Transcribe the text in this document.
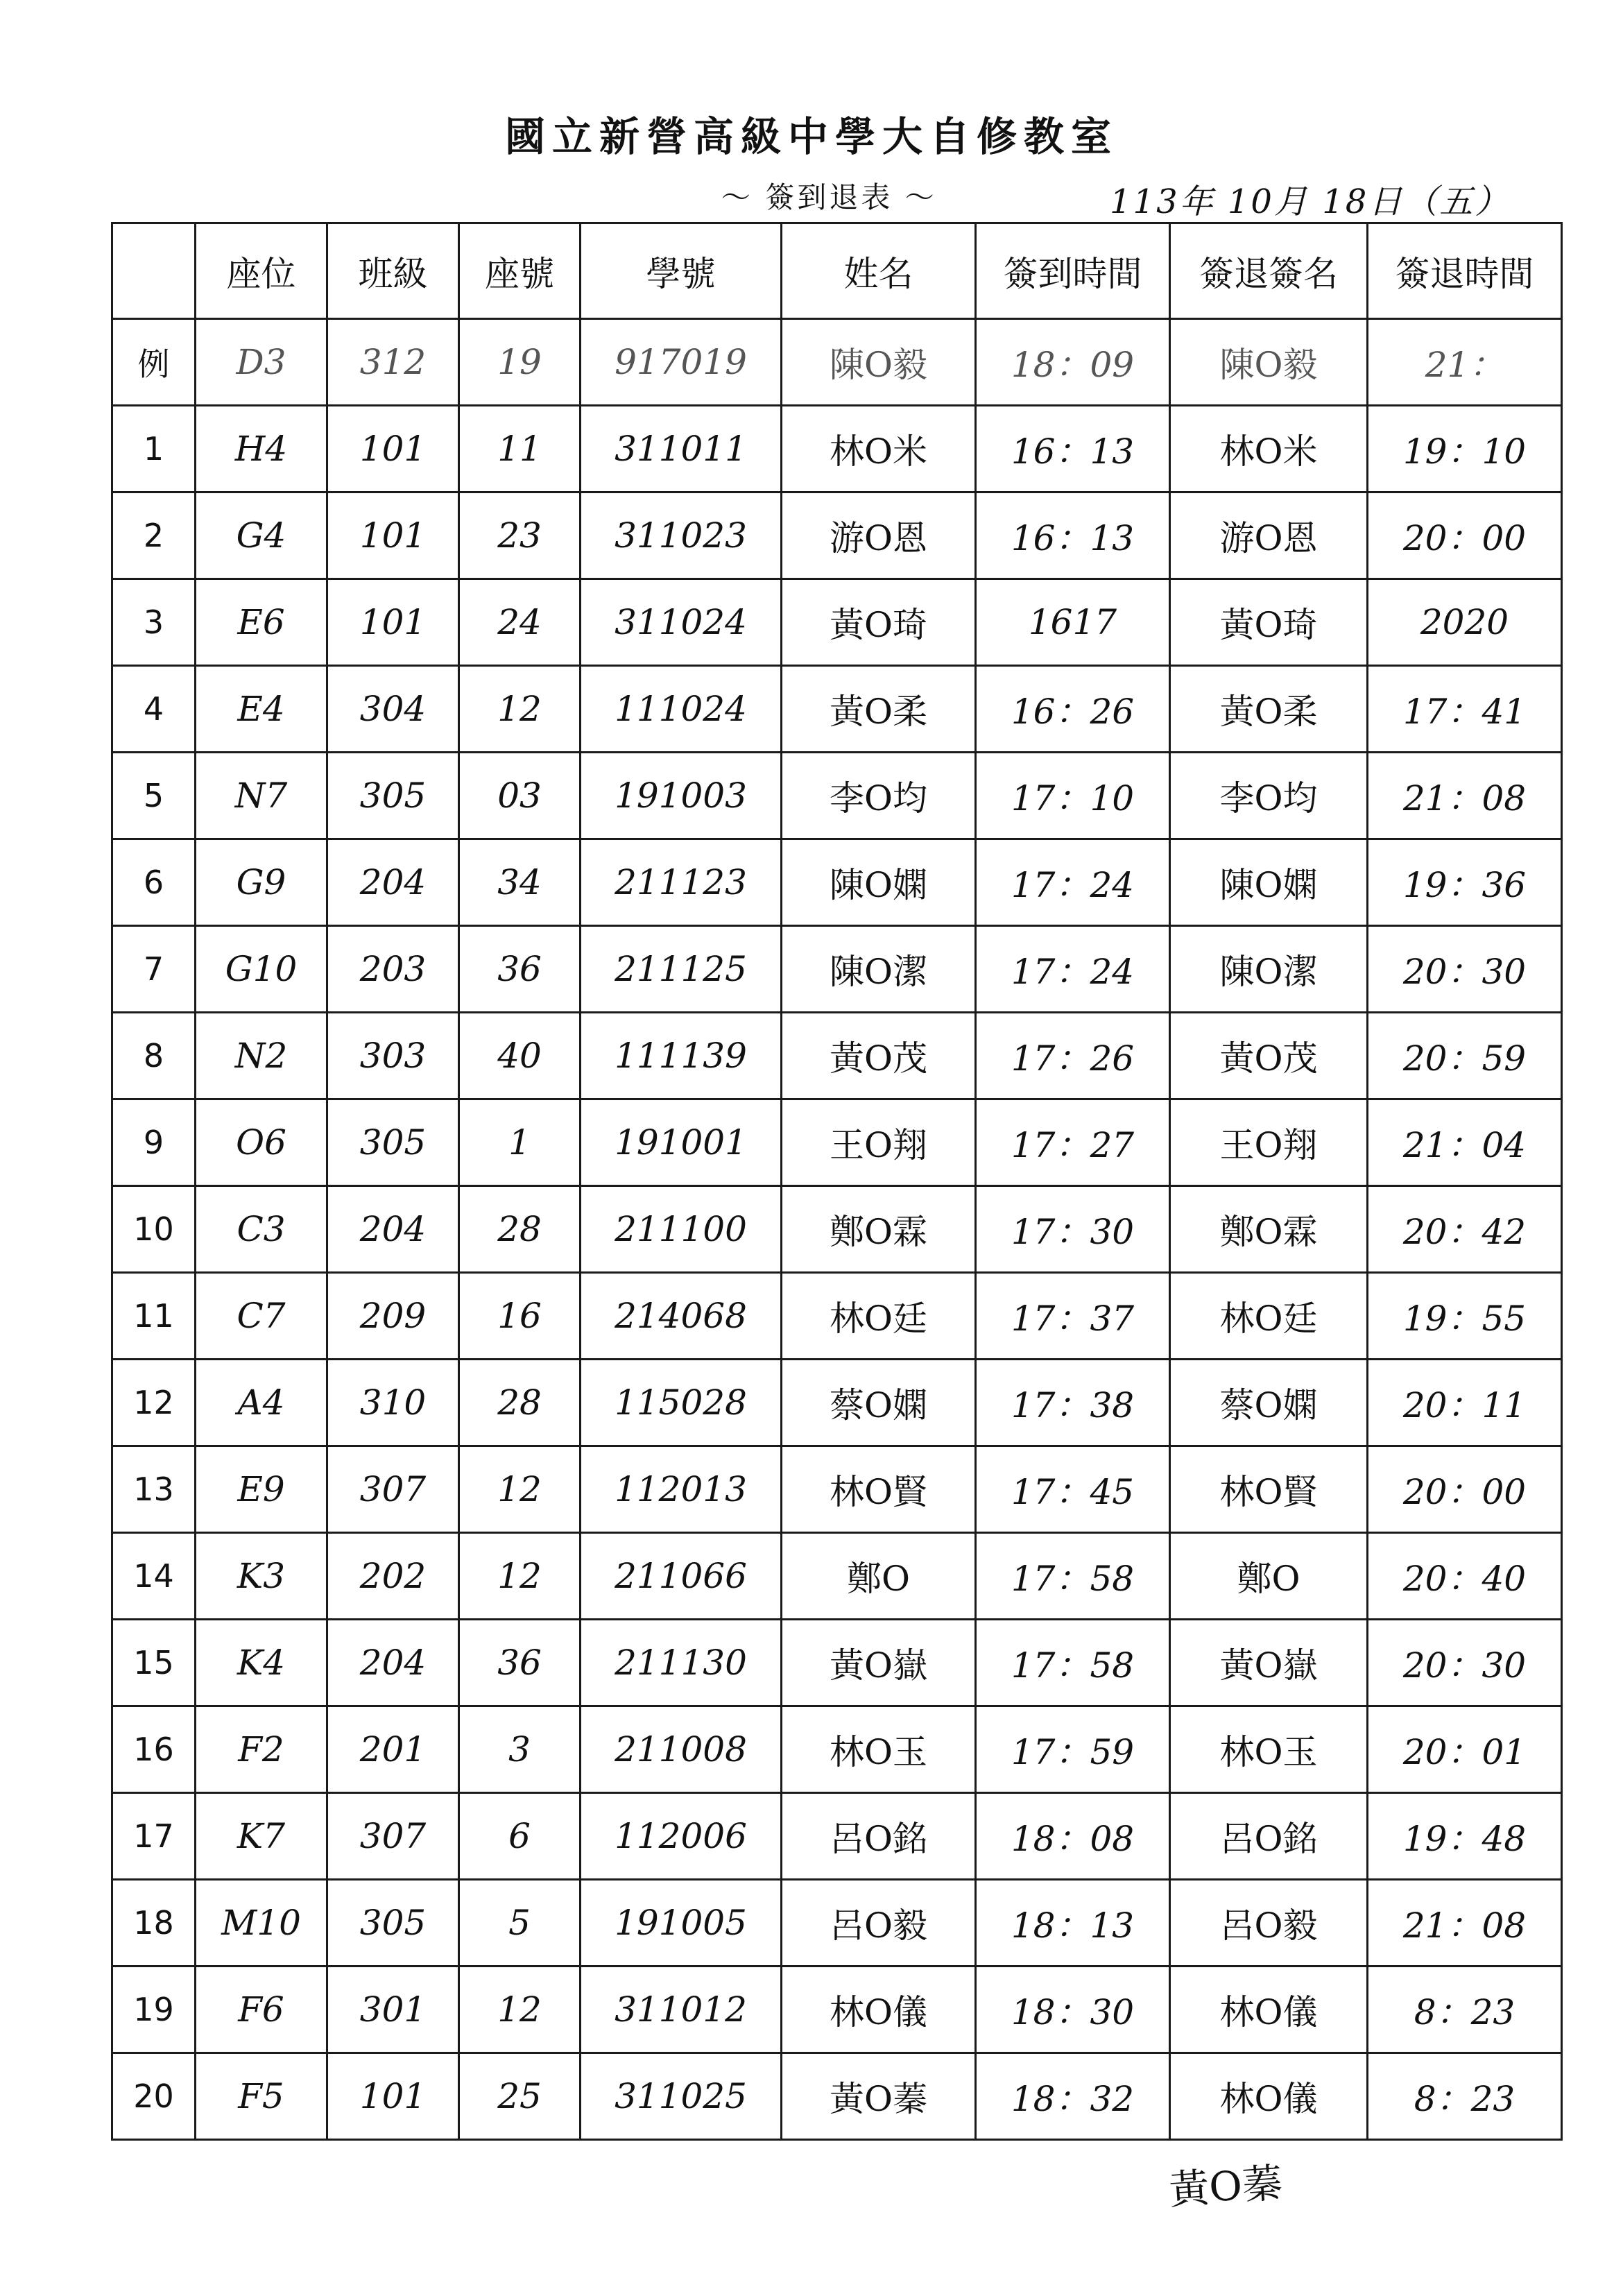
國立新營高級中學大自修教室
～ 簽到退表 ～	113年 10月 18日（五）
	座位	班級	座號	學號	姓名	簽到時間	簽退簽名	簽退時間
例	D3	312	19	917019	陳O毅	18：09	陳O毅	21：
1	H4	101	11	311011	林O米	16：13	林O米	19：10
2	G4	101	23	311023	游O恩	16：13	游O恩	20：00
3	E6	101	24	311024	黃O琦	1617	黃O琦	2020
4	E4	304	12	111024	黃O柔	16：26	黃O柔	17：41
5	N7	305	03	191003	李O均	17：10	李O均	21：08
6	G9	204	34	211123	陳O嫻	17：24	陳O嫻	19：36
7	G10	203	36	211125	陳O潔	17：24	陳O潔	20：30
8	N2	303	40	111139	黃O茂	17：26	黃O茂	20：59
9	O6	305	1	191001	王O翔	17：27	王O翔	21：04
10	C3	204	28	211100	鄭O霖	17：30	鄭O霖	20：42
11	C7	209	16	214068	林O廷	17：37	林O廷	19：55
12	A4	310	28	115028	蔡O嫻	17：38	蔡O嫻	20：11
13	E9	307	12	112013	林O賢	17：45	林O賢	20：00
14	K3	202	12	211066	鄭O	17：58	鄭O	20：40
15	K4	204	36	211130	黃O嶽	17：58	黃O嶽	20：30
16	F2	201	3	211008	林O玉	17：59	林O玉	20：01
17	K7	307	6	112006	呂O銘	18：08	呂O銘	19：48
18	M10	305	5	191005	呂O毅	18：13	呂O毅	21：08
19	F6	301	12	311012	林O儀	18：30	林O儀	8：23
20	F5	101	25	311025	黃O蓁	18：32	林O儀	8：23
黃O蓁
